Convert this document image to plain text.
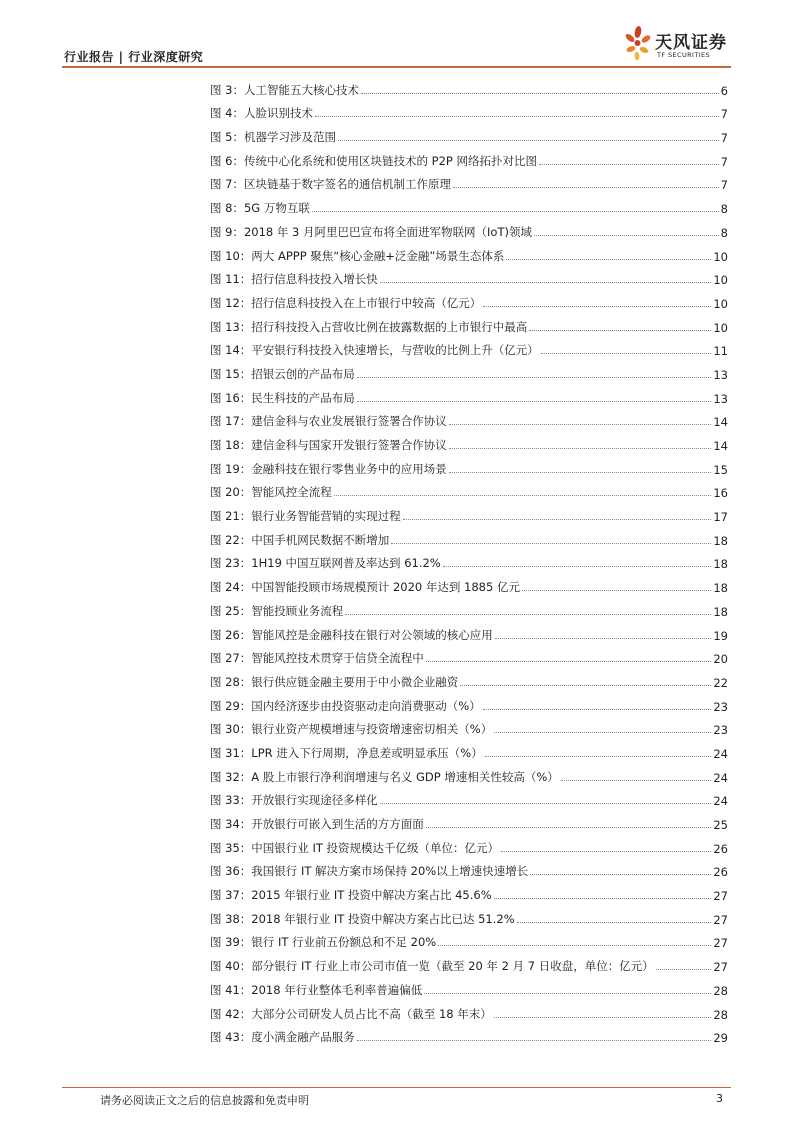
行业报告 | 行业深度研究
天风证券
TF SECURITIES
图 3： 人工智能五大核心技术	6
图 4： 人脸识别技术	7
图 5： 机器学习涉及范围	7
图 6： 传统中心化系统和使用区块链技术的 P2P 网络拓扑对比图	7
图 7： 区块链基于数字签名的通信机制工作原理	7
图 8： 5G 万物互联	8
图 9： 2018 年 3 月阿里巴巴宣布将全面进军物联网（IoT)领域	8
图 10： 两大 APPP 聚焦“核心金融+泛金融”场景生态体系	10
图 11： 招行信息科技投入增长快	10
图 12： 招行信息科技投入在上市银行中较高（亿元）	10
图 13： 招行科技投入占营收比例在披露数据的上市银行中最高	10
图 14： 平安银行科技投入快速增长，与营收的比例上升（亿元）	11
图 15： 招银云创的产品布局	13
图 16： 民生科技的产品布局	13
图 17： 建信金科与农业发展银行签署合作协议	14
图 18： 建信金科与国家开发银行签署合作协议	14
图 19： 金融科技在银行零售业务中的应用场景	15
图 20： 智能风控全流程	16
图 21： 银行业务智能营销的实现过程	17
图 22： 中国手机网民数据不断增加	18
图 23： 1H19 中国互联网普及率达到 61.2%	18
图 24： 中国智能投顾市场规模预计 2020 年达到 1885 亿元	18
图 25： 智能投顾业务流程	18
图 26： 智能风控是金融科技在银行对公领域的核心应用	19
图 27： 智能风控技术贯穿于信贷全流程中	20
图 28： 银行供应链金融主要用于中小微企业融资	22
图 29： 国内经济逐步由投资驱动走向消费驱动（%）	23
图 30： 银行业资产规模增速与投资增速密切相关（%）	23
图 31： LPR 进入下行周期，净息差或明显承压（%）	24
图 32： A 股上市银行净利润增速与名义 GDP 增速相关性较高（%）	24
图 33： 开放银行实现途径多样化	24
图 34： 开放银行可嵌入到生活的方方面面	25
图 35： 中国银行业 IT 投资规模达千亿级（单位：亿元）	26
图 36： 我国银行 IT 解决方案市场保持 20%以上增速快速增长	26
图 37： 2015 年银行业 IT 投资中解决方案占比 45.6%	27
图 38： 2018 年银行业 IT 投资中解决方案占比已达 51.2%	27
图 39： 银行 IT 行业前五份额总和不足 20%	27
图 40： 部分银行 IT 行业上市公司市值一览（截至 20 年 2 月 7 日收盘，单位：亿元）	27
图 41： 2018 年行业整体毛利率普遍偏低	28
图 42： 大部分公司研发人员占比不高（截至 18 年末）	28
图 43： 度小满金融产品服务	29
请务必阅读正文之后的信息披露和免责申明	3
